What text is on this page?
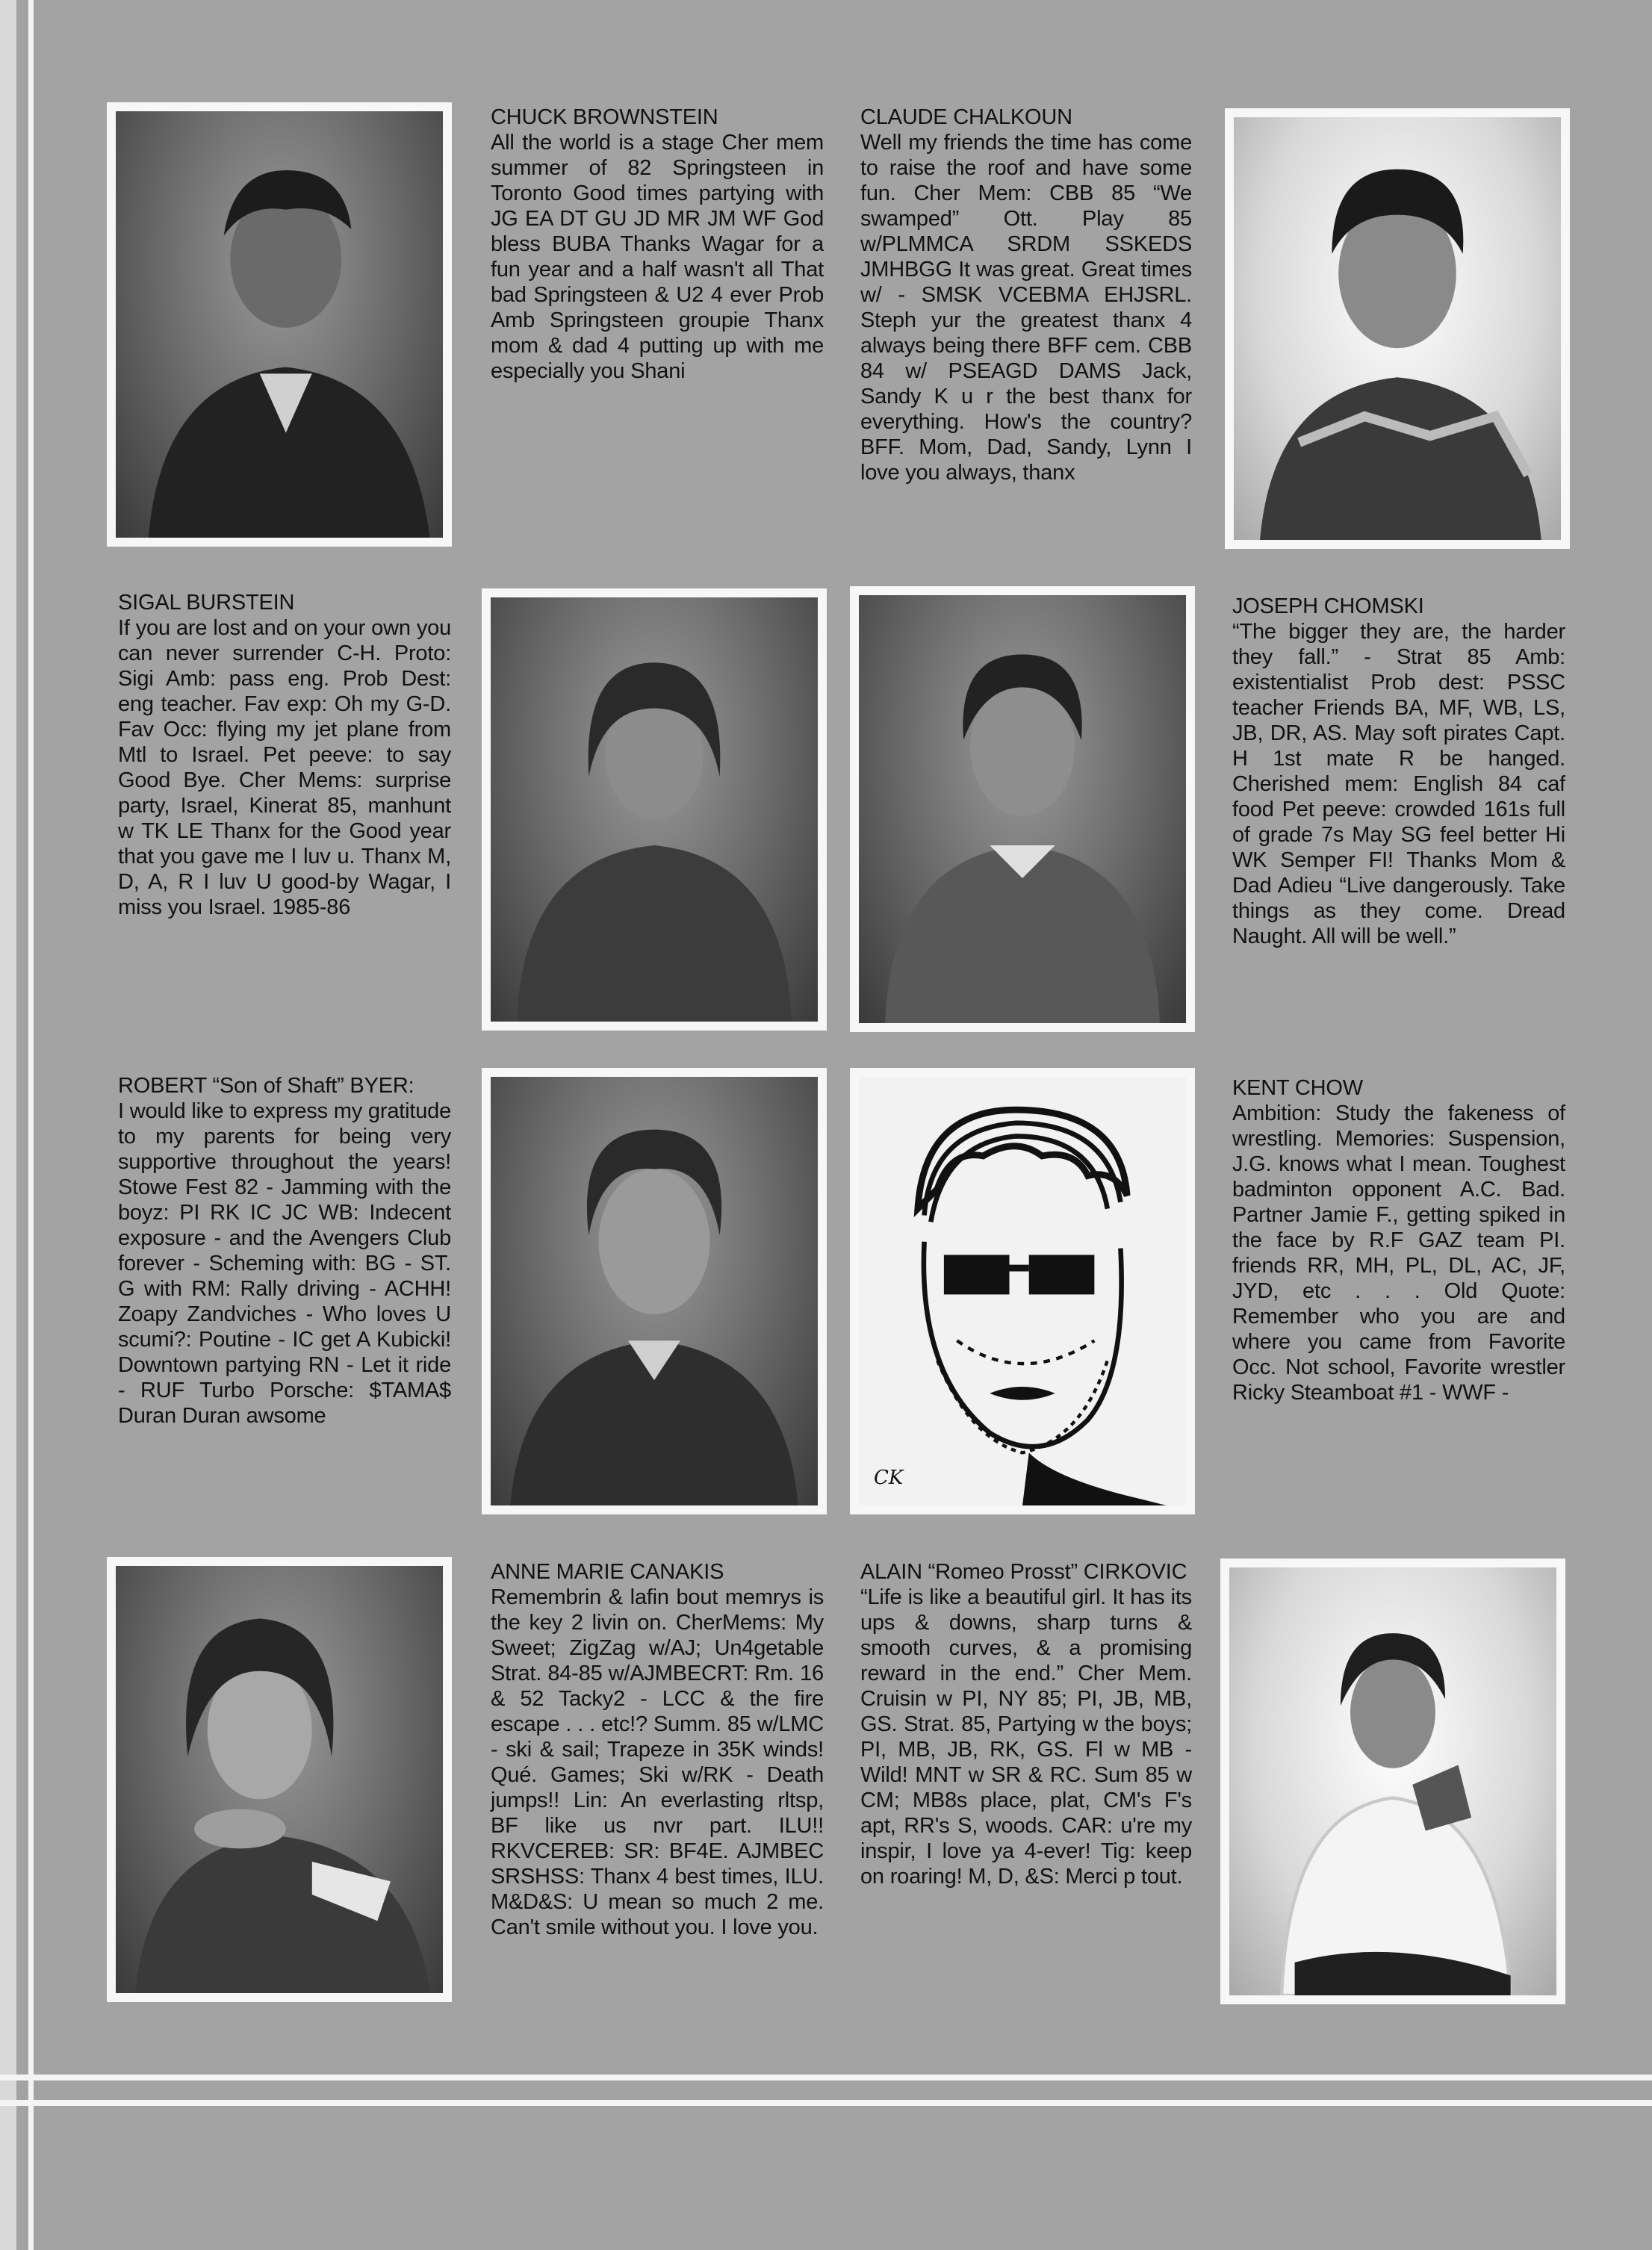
CHUCK BROWNSTEIN
All the world is a stage Cher mem summer of 82 Springsteen in Toronto Good times partying with JG EA DT GU JD MR JM WF God bless BUBA Thanks Wagar for a fun year and a half wasn't all That bad Springsteen & U2 4 ever Prob Amb Springsteen groupie Thanx mom & dad 4 putting up with me especially you Shani
CLAUDE CHALKOUN
Well my friends the time has come to raise the roof and have some fun. Cher Mem: CBB 85 “We swamped” Ott. Play 85 w/PLMMCA SRDM SSKEDS JMHBGG It was great. Great times w/ - SMSK VCEBMA EHJSRL. Steph yur the greatest thanx 4 always being there BFF cem. CBB 84 w/ PSEAGD DAMS Jack, Sandy K u r the best thanx for everything. How's the country? BFF. Mom, Dad, Sandy, Lynn I love you always, thanx
SIGAL BURSTEIN
If you are lost and on your own you can never surrender C-H. Proto: Sigi Amb: pass eng. Prob Dest: eng teacher. Fav exp: Oh my G-D. Fav Occ: flying my jet plane from Mtl to Israel. Pet peeve: to say Good Bye. Cher Mems: surprise party, Israel, Kinerat 85, manhunt w TK LE Thanx for the Good year that you gave me I luv u. Thanx M, D, A, R I luv U good-by Wagar, I miss you Israel. 1985-86
JOSEPH CHOMSKI
“The bigger they are, the harder they fall.” - Strat 85 Amb: existentialist Prob dest: PSSC teacher Friends BA, MF, WB, LS, JB, DR, AS. May soft pirates Capt. H 1st mate R be hanged. Cherished mem: English 84 caf food Pet peeve: crowded 161s full of grade 7s May SG feel better Hi WK Semper FI! Thanks Mom & Dad Adieu “Live dangerously. Take things as they come. Dread Naught. All will be well.”
ROBERT “Son of Shaft” BYER:
I would like to express my gratitude to my parents for being very supportive throughout the years! Stowe Fest 82 - Jamming with the boyz: PI RK IC JC WB: Indecent exposure - and the Avengers Club forever - Scheming with: BG - ST. G with RM: Rally driving - ACHH! Zoapy Zandviches - Who loves U scumi?: Poutine - IC get A Kubicki! Downtown partying RN - Let it ride - RUF Turbo Porsche: $TAMA$ Duran Duran awsome
CK
KENT CHOW
Ambition: Study the fakeness of wrestling. Memories: Suspension, J.G. knows what I mean. Toughest badminton opponent A.C. Bad. Partner Jamie F., getting spiked in the face by R.F GAZ team PI. friends RR, MH, PL, DL, AC, JF, JYD, etc . . . Old Quote: Remember who you are and where you came from Favorite Occ. Not school, Favorite wrestler Ricky Steamboat #1 - WWF -
ANNE MARIE CANAKIS
Remembrin & lafin bout memrys is the key 2 livin on. CherMems: My Sweet; ZigZag w/AJ; Un4getable Strat. 84-85 w/AJMBECRT: Rm. 16 & 52 Tacky2 - LCC & the fire escape . . . etc!? Summ. 85 w/LMC - ski & sail; Trapeze in 35K winds! Qué. Games; Ski w/RK - Death jumps!! Lin: An everlasting rltsp, BF like us nvr part. ILU!! RKVCEREB: SR: BF4E. AJMBEC SRSHSS: Thanx 4 best times, ILU. M&D&S: U mean so much 2 me. Can't smile without you. I love you.
ALAIN “Romeo Prosst” CIRKOVIC
“Life is like a beautiful girl. It has its ups & downs, sharp turns & smooth curves, & a promising reward in the end.” Cher Mem. Cruisin w PI, NY 85; PI, JB, MB, GS. Strat. 85, Partying w the boys; PI, MB, JB, RK, GS. Fl w MB - Wild! MNT w SR & RC. Sum 85 w CM; MB8s place, plat, CM's F's apt, RR's S, woods. CAR: u're my inspir, I love ya 4-ever! Tig: keep on roaring! M, D, &S: Merci p tout.
